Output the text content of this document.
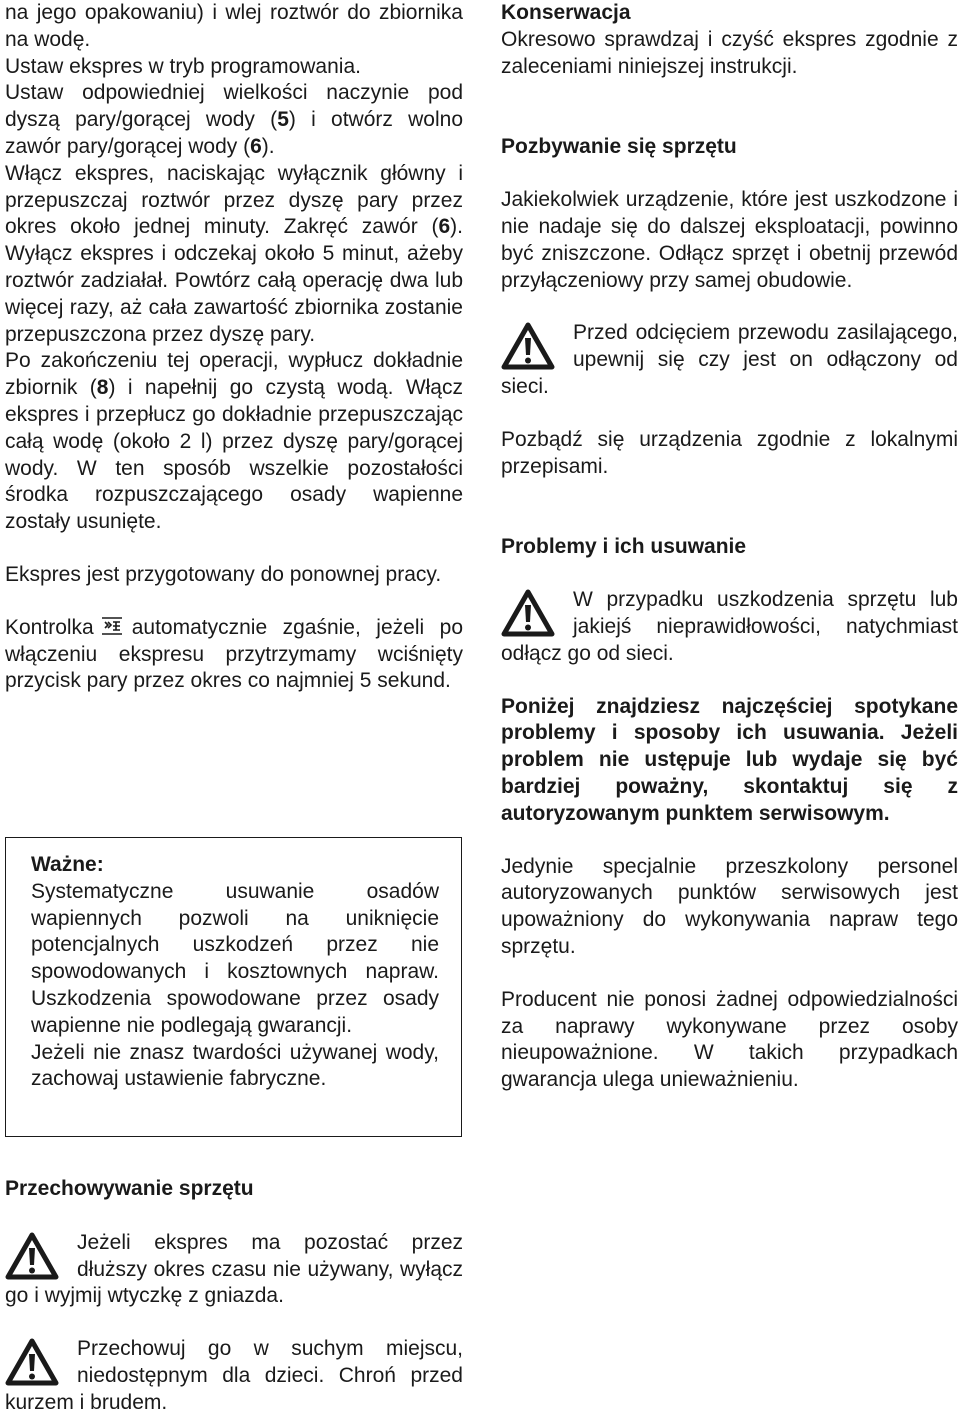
na jego opakowaniu) i wlej roztwór do zbiornika na wodę.

Ustaw ekspres w tryb programowania.

Ustaw odpowiedniej wielkości naczynie pod dyszą pary/gorącej wody (5) i otwórz wolno zawór pary/gorącej wody (6).

Włącz ekspres, naciskając wyłącznik główny i przepuszczaj roztwór przez dyszę pary przez okres około jednej minuty. Zakręć zawór (6). Wyłącz ekspres i odczekaj około 5 minut, ażeby roztwór zadziałał. Powtórz całą operację dwa lub więcej razy, aż cała zawartość zbiornika zostanie przepuszczona przez dyszę pary.

Po zakończeniu tej operacji, wypłucz dokładnie zbiornik (8) i napełnij go czystą wodą. Włącz ekspres i przepłucz go dokładnie przepuszczając całą wodę (około 2 l) przez dyszę pary/gorącej wody. W ten sposób wszelkie pozostałości środka rozpuszczającego osady wapienne zostały usunięte.

Ekspres jest przygotowany do ponownej pracy.

Kontrolka automatycznie zgaśnie, jeżeli po włączeniu ekspresu przytrzymamy wciśnięty przycisk pary przez okres co najmniej 5 sekund.

Ważne:

Systematyczne usuwanie osadów wapiennych pozwoli na uniknięcie potencjalnych uszkodzeń przez nie spowodowanych i kosztownych napraw. Uszkodzenia spowodowane przez osady wapienne nie podlegają gwarancji.

Jeżeli nie znasz twardości używanej wody, zachowaj ustawienie fabryczne.

Przechowywanie sprzętu

Jeżeli ekspres ma pozostać przez dłuższy okres czasu nie używany, wyłącz go i wyjmij wtyczkę z gniazda.

Przechowuj go w suchym miejscu, niedostępnym dla dzieci. Chroń przed kurzem i brudem.

Konserwacja

Okresowo sprawdzaj i czyść ekspres zgodnie z zaleceniami niniejszej instrukcji.

Pozbywanie się sprzętu

Jakiekolwiek urządzenie, które jest uszkodzone i nie nadaje się do dalszej eksploatacji, powinno być zniszczone. Odłącz sprzęt i obetnij przewód przyłączeniowy przy samej obudowie.

Przed odcięciem przewodu zasilającego, upewnij się czy jest on odłączony od sieci.

Pozbądź się urządzenia zgodnie z lokalnymi przepisami.

Problemy i ich usuwanie

W przypadku uszkodzenia sprzętu lub jakiejś nieprawidłowości, natychmiast odłącz go od sieci.

Poniżej znajdziesz najczęściej spotykane problemy i sposoby ich usuwania. Jeżeli problem nie ustępuje lub wydaje się być bardziej poważny, skontaktuj się z autoryzowanym punktem serwisowym.

Jedynie specjalnie przeszkolony personel autoryzowanych punktów serwisowych jest upoważniony do wykonywania napraw tego sprzętu.

Producent nie ponosi żadnej odpowiedzialności za naprawy wykonywane przez osoby nieupoważnione. W takich przypadkach gwarancja ulega unieważnieniu.
